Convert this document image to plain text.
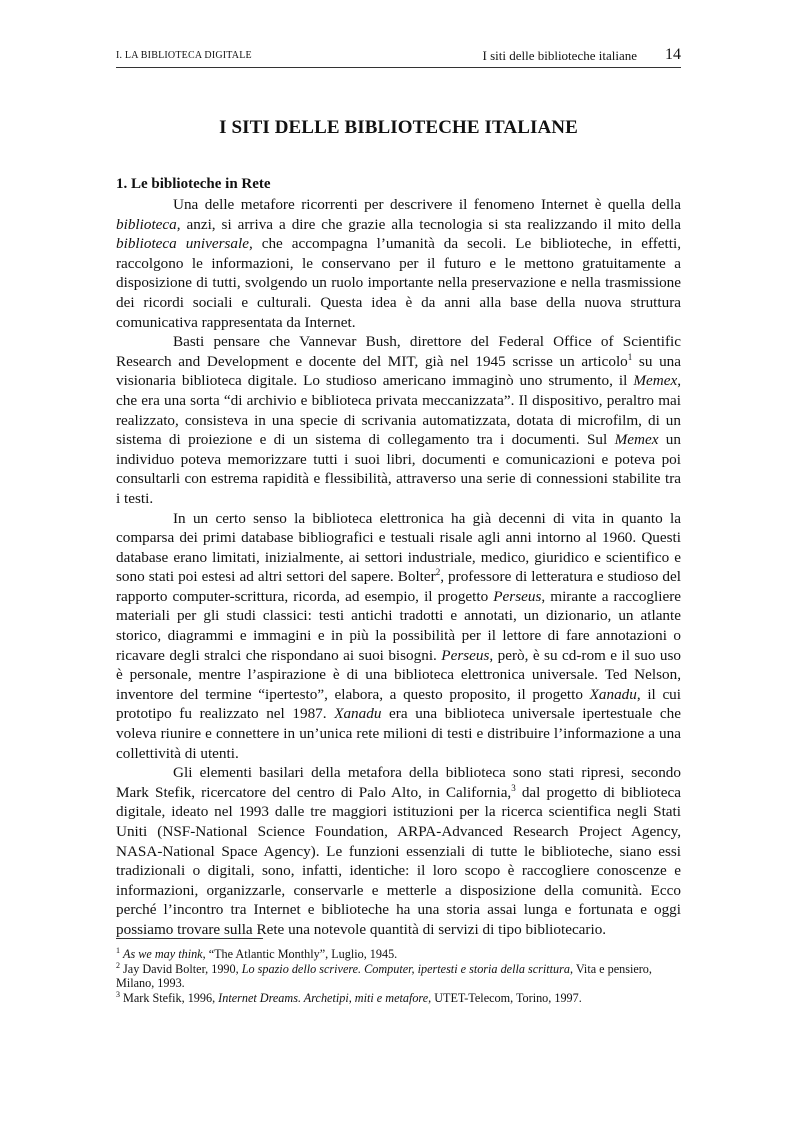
I. LA BIBLIOTECA DIGITALE	I siti delle biblioteche italiane 14
I SITI DELLE BIBLIOTECHE ITALIANE
1. Le biblioteche in Rete

Una delle metafore ricorrenti per descrivere il fenomeno Internet è quella della biblioteca, anzi, si arriva a dire che grazie alla tecnologia si sta realizzando il mito della biblioteca universale, che accompagna l’umanità da secoli. Le biblioteche, in effetti, raccolgono le informazioni, le conservano per il futuro e le mettono gratuitamente a disposizione di tutti, svolgendo un ruolo importante nella preservazione e nella trasmissione dei ricordi sociali e culturali. Questa idea è da anni alla base della nuova struttura comunicativa rappresentata da Internet.

Basti pensare che Vannevar Bush, direttore del Federal Office of Scientific Research and Development e docente del MIT, già nel 1945 scrisse un articolo$^1$ su una visionaria biblioteca digitale. Lo studioso americano immaginò uno strumento, il Memex, che era una sorta “di archivio e biblioteca privata meccanizzata”. Il dispositivo, peraltro mai realizzato, consisteva in una specie di scrivania automatizzata, dotata di microfilm, di un sistema di proiezione e di un sistema di collegamento tra i documenti. Sul Memex un individuo poteva memorizzare tutti i suoi libri, documenti e comunicazioni e poteva poi consultarli con estrema rapidità e flessibilità, attraverso una serie di connessioni stabilite tra i testi.

In un certo senso la biblioteca elettronica ha già decenni di vita in quanto la comparsa dei primi database bibliografici e testuali risale agli anni intorno al 1960. Questi database erano limitati, inizialmente, ai settori industriale, medico, giuridico e scientifico e sono stati poi estesi ad altri settori del sapere. Bolter$^2$, professore di letteratura e studioso del rapporto computer-scrittura, ricorda, ad esempio, il progetto Perseus, mirante a raccogliere materiali per gli studi classici: testi antichi tradotti e annotati, un dizionario, un atlante storico, diagrammi e immagini e in più la possibilità per il lettore di fare annotazioni o ricavare degli stralci che rispondano ai suoi bisogni. Perseus, però, è su cd-rom e il suo uso è personale, mentre l’aspirazione è di una biblioteca elettronica universale. Ted Nelson, inventore del termine “ipertesto”, elabora, a questo proposito, il progetto Xanadu, il cui prototipo fu realizzato nel 1987. Xanadu era una biblioteca universale ipertestuale che voleva riunire e connettere in un’unica rete milioni di testi e distribuire l’informazione a una collettività di utenti.

Gli elementi basilari della metafora della biblioteca sono stati ripresi, secondo Mark Stefik, ricercatore del centro di Palo Alto, in California,$^3$ dal progetto di biblioteca digitale, ideato nel 1993 dalle tre maggiori istituzioni per la ricerca scientifica negli Stati Uniti (NSF-National Science Foundation, ARPA-Advanced Research Project Agency, NASA-National Space Agency). Le funzioni essenziali di tutte le biblioteche, siano essi tradizionali o digitali, sono, infatti, identiche: il loro scopo è raccogliere conoscenze e informazioni, organizzarle, conservarle e metterle a disposizione della comunità. Ecco perché l’incontro tra Internet e biblioteche ha una storia assai lunga e fortunata e oggi possiamo trovare sulla Rete una notevole quantità di servizi di tipo bibliotecario.

$^1$ As we may think, “The Atlantic Monthly”, Luglio, 1945.

$^2$ Jay David Bolter, 1990, Lo spazio dello scrivere. Computer, ipertesti e storia della scrittura, Vita e pensiero, Milano, 1993.

$^3$ Mark Stefik, 1996, Internet Dreams. Archetipi, miti e metafore, UTET-Telecom, Torino, 1997.
